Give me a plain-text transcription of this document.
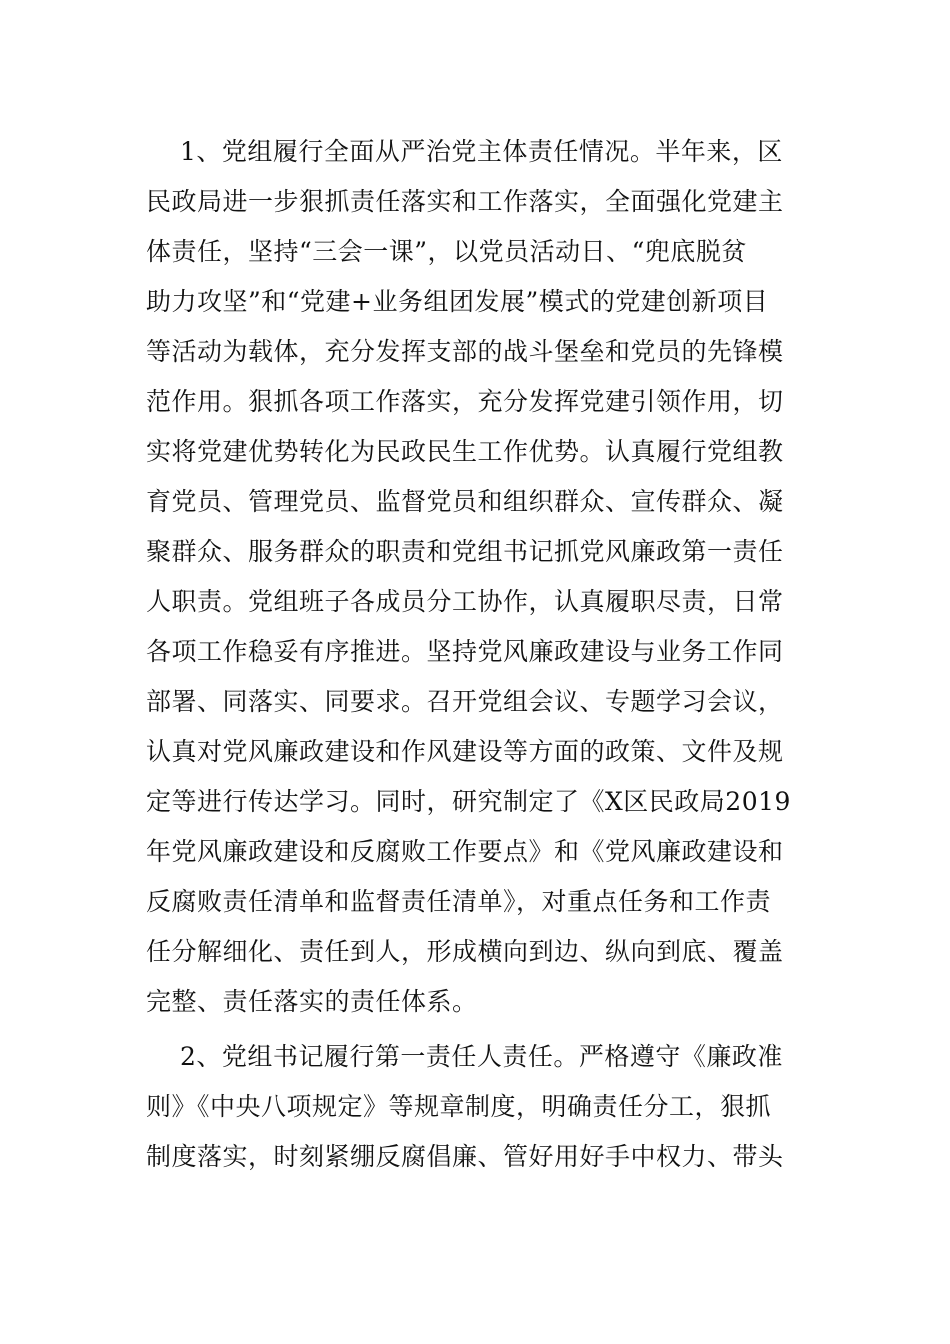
1、党组履行全面从严治党主体责任情况。半年来，区
民政局进一步狠抓责任落实和工作落实，全面强化党建主
体责任，坚持“三会一课”，以党员活动日、“兜底脱贫
助力攻坚”和“党建+业务组团发展”模式的党建创新项目
等活动为载体，充分发挥支部的战斗堡垒和党员的先锋模
范作用。狠抓各项工作落实，充分发挥党建引领作用，切
实将党建优势转化为民政民生工作优势。认真履行党组教
育党员、管理党员、监督党员和组织群众、宣传群众、凝
聚群众、服务群众的职责和党组书记抓党风廉政第一责任
人职责。党组班子各成员分工协作，认真履职尽责，日常
各项工作稳妥有序推进。坚持党风廉政建设与业务工作同
部署、同落实、同要求。召开党组会议、专题学习会议，
认真对党风廉政建设和作风建设等方面的政策、文件及规
定等进行传达学习。同时，研究制定了《X区民政局2019
年党风廉政建设和反腐败工作要点》和《党风廉政建设和
反腐败责任清单和监督责任清单》，对重点任务和工作责
任分解细化、责任到人，形成横向到边、纵向到底、覆盖
完整、责任落实的责任体系。
2、党组书记履行第一责任人责任。严格遵守《廉政准
则》《中央八项规定》等规章制度，明确责任分工，狠抓
制度落实，时刻紧绷反腐倡廉、管好用好手中权力、带头
